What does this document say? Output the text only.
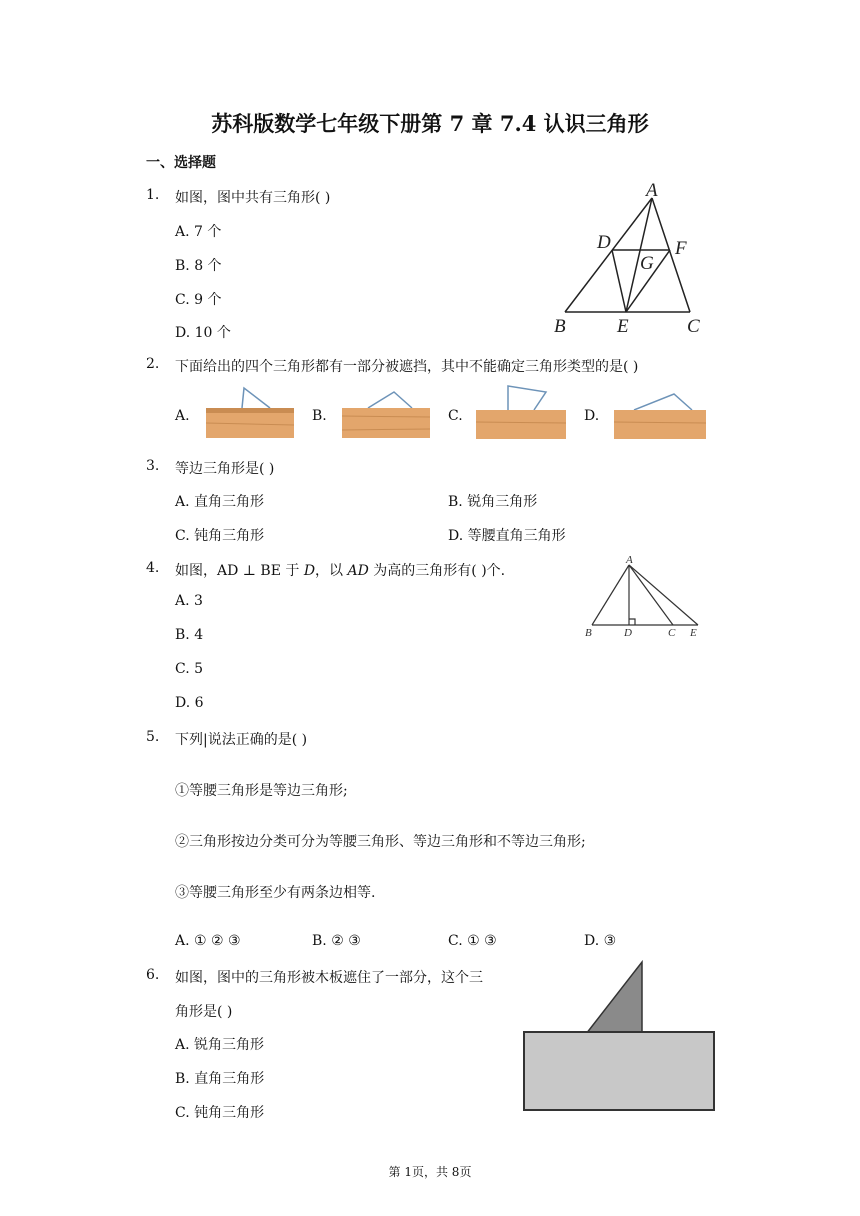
苏科版数学七年级下册第 7 章 7.4 认识三角形
一、选择题
1. 如图，图中共有三角形( )
A. 7 个
B. 8 个
C. 9 个
D. 10 个
A
B	C
D
E
F
G
2. 下面给出的四个三角形都有一部分被遮挡，其中不能确定三角形类型的是( )
A.	B.	C.	D.
3. 等边三角形是( )
A. 直角三角形	B. 锐角三角形
C. 钝角三角形	D. 等腰直角三角形
4. 如图，AD ⊥ BE 于 D，以 AD 为高的三角形有( )个.
A. 3
B. 4
C. 5
D. 6
A
B	D	C E
5. 下列|说法正确的是( )
①等腰三角形是等边三角形;
②三角形按边分类可分为等腰三角形、等边三角形和不等边三角形;
③等腰三角形至少有两条边相等.
A. ① ② ③	B. ② ③	C. ① ③	D. ③
6. 如图，图中的三角形被木板遮住了一部分，这个三
角形是( )
A. 锐角三角形
B. 直角三角形
C. 钝角三角形
第 1页，共 8页
